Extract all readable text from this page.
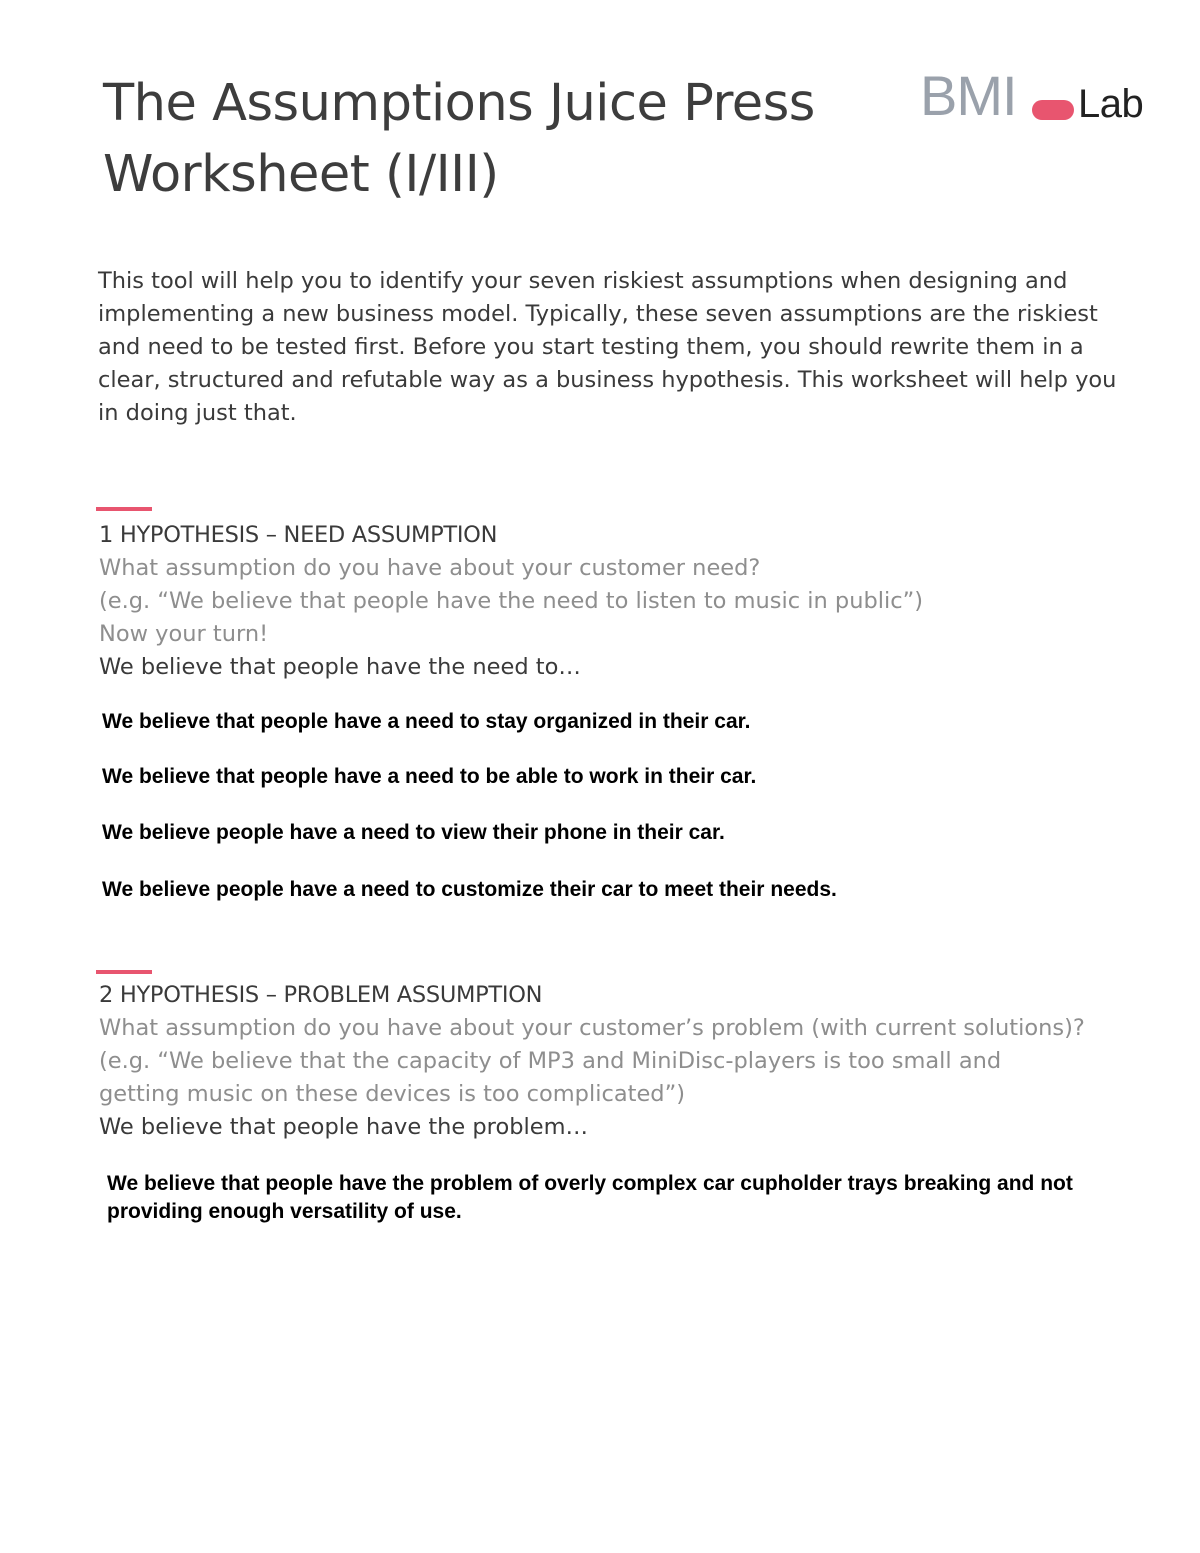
The Assumptions Juice Press
Worksheet (I/III)
BMI Lab
This tool will help you to identify your seven riskiest assumptions when designing and implementing a new business model. Typically, these seven assumptions are the riskiest and need to be tested first. Before you start testing them, you should rewrite them in a clear, structured and refutable way as a business hypothesis. This worksheet will help you in doing just that.
1 HYPOTHESIS – NEED ASSUMPTION
What assumption do you have about your customer need?
(e.g. “We believe that people have the need to listen to music in public”)
Now your turn!
We believe that people have the need to…
We believe that people have a need to stay organized in their car.
We believe that people have a need to be able to work in their car.
We believe people have a need to view their phone in their car.
We believe people have a need to customize their car to meet their needs.
2 HYPOTHESIS – PROBLEM ASSUMPTION
What assumption do you have about your customer’s problem (with current solutions)?
(e.g. “We believe that the capacity of MP3 and MiniDisc-players is too small and getting music on these devices is too complicated”)
We believe that people have the problem…
We believe that people have the problem of overly complex car cupholder trays breaking and not providing enough versatility of use.
